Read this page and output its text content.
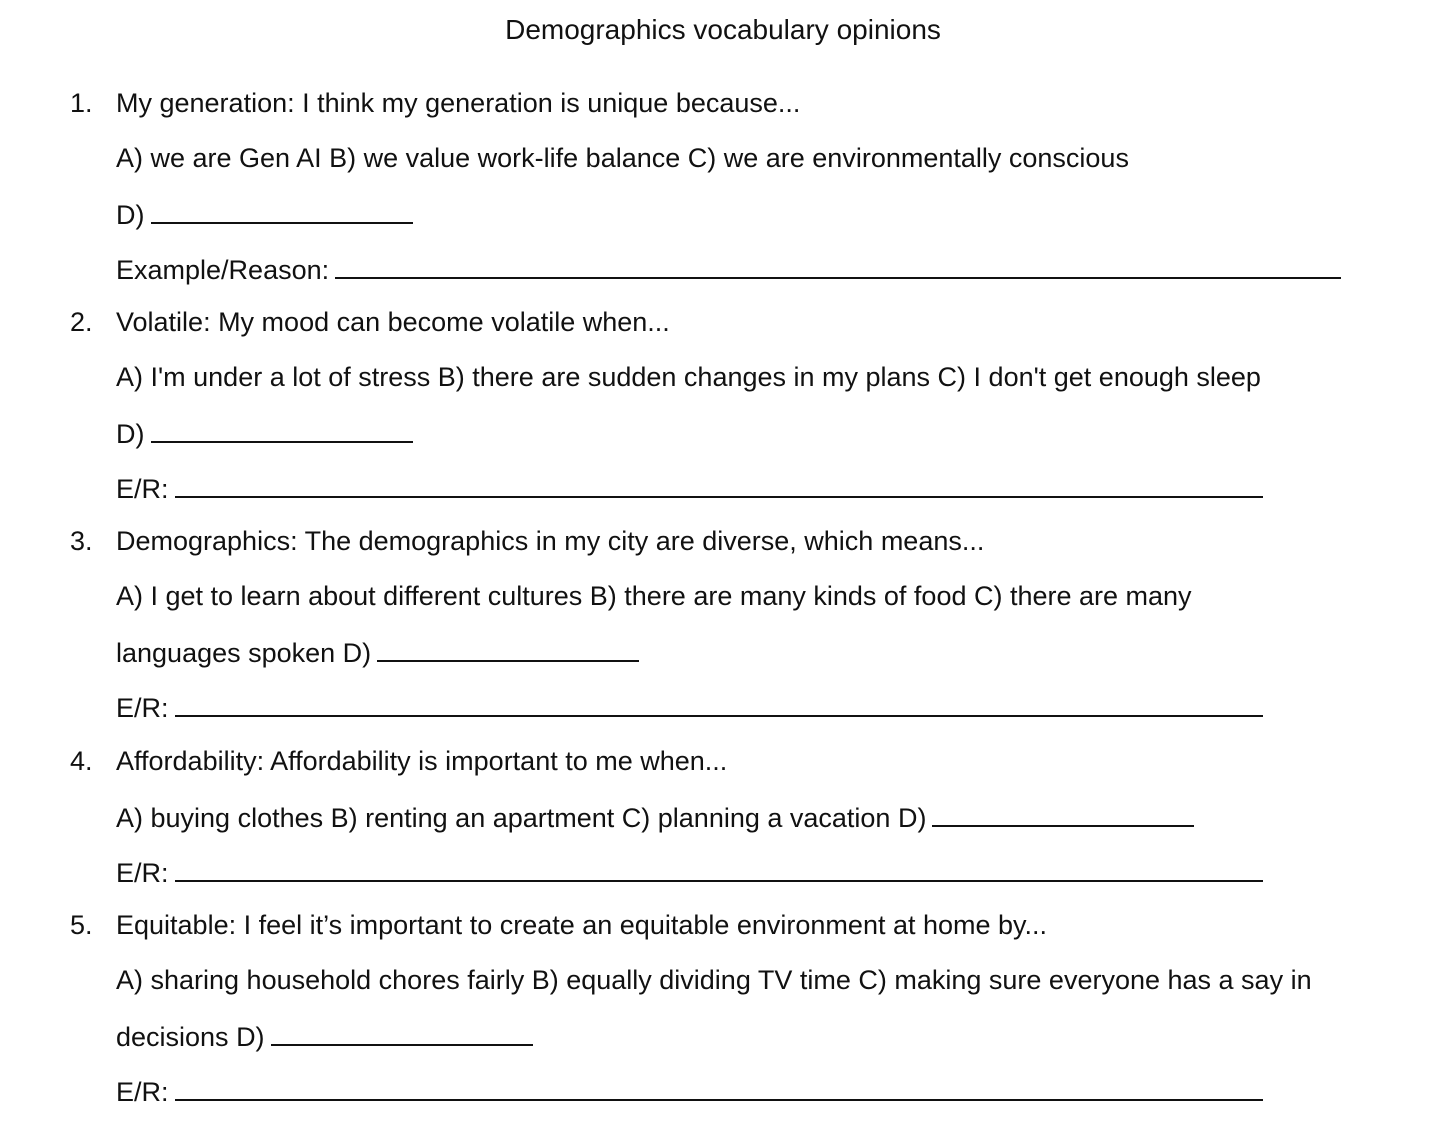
Demographics vocabulary opinions
1. My generation: I think my generation is unique because...
A) we are Gen AI B) we value work-life balance C) we are environmentally conscious
D)
Example/Reason:
2. Volatile: My mood can become volatile when...
A) I'm under a lot of stress B) there are sudden changes in my plans C) I don't get enough sleep
D)
E/R:
3. Demographics: The demographics in my city are diverse, which means...
A) I get to learn about different cultures B) there are many kinds of food C) there are many
languages spoken D)
E/R:
4. Affordability: Affordability is important to me when...
A) buying clothes B) renting an apartment C) planning a vacation D)
E/R:
5. Equitable: I feel it’s important to create an equitable environment at home by...
A) sharing household chores fairly B) equally dividing TV time C) making sure everyone has a say in
decisions D)
E/R:
